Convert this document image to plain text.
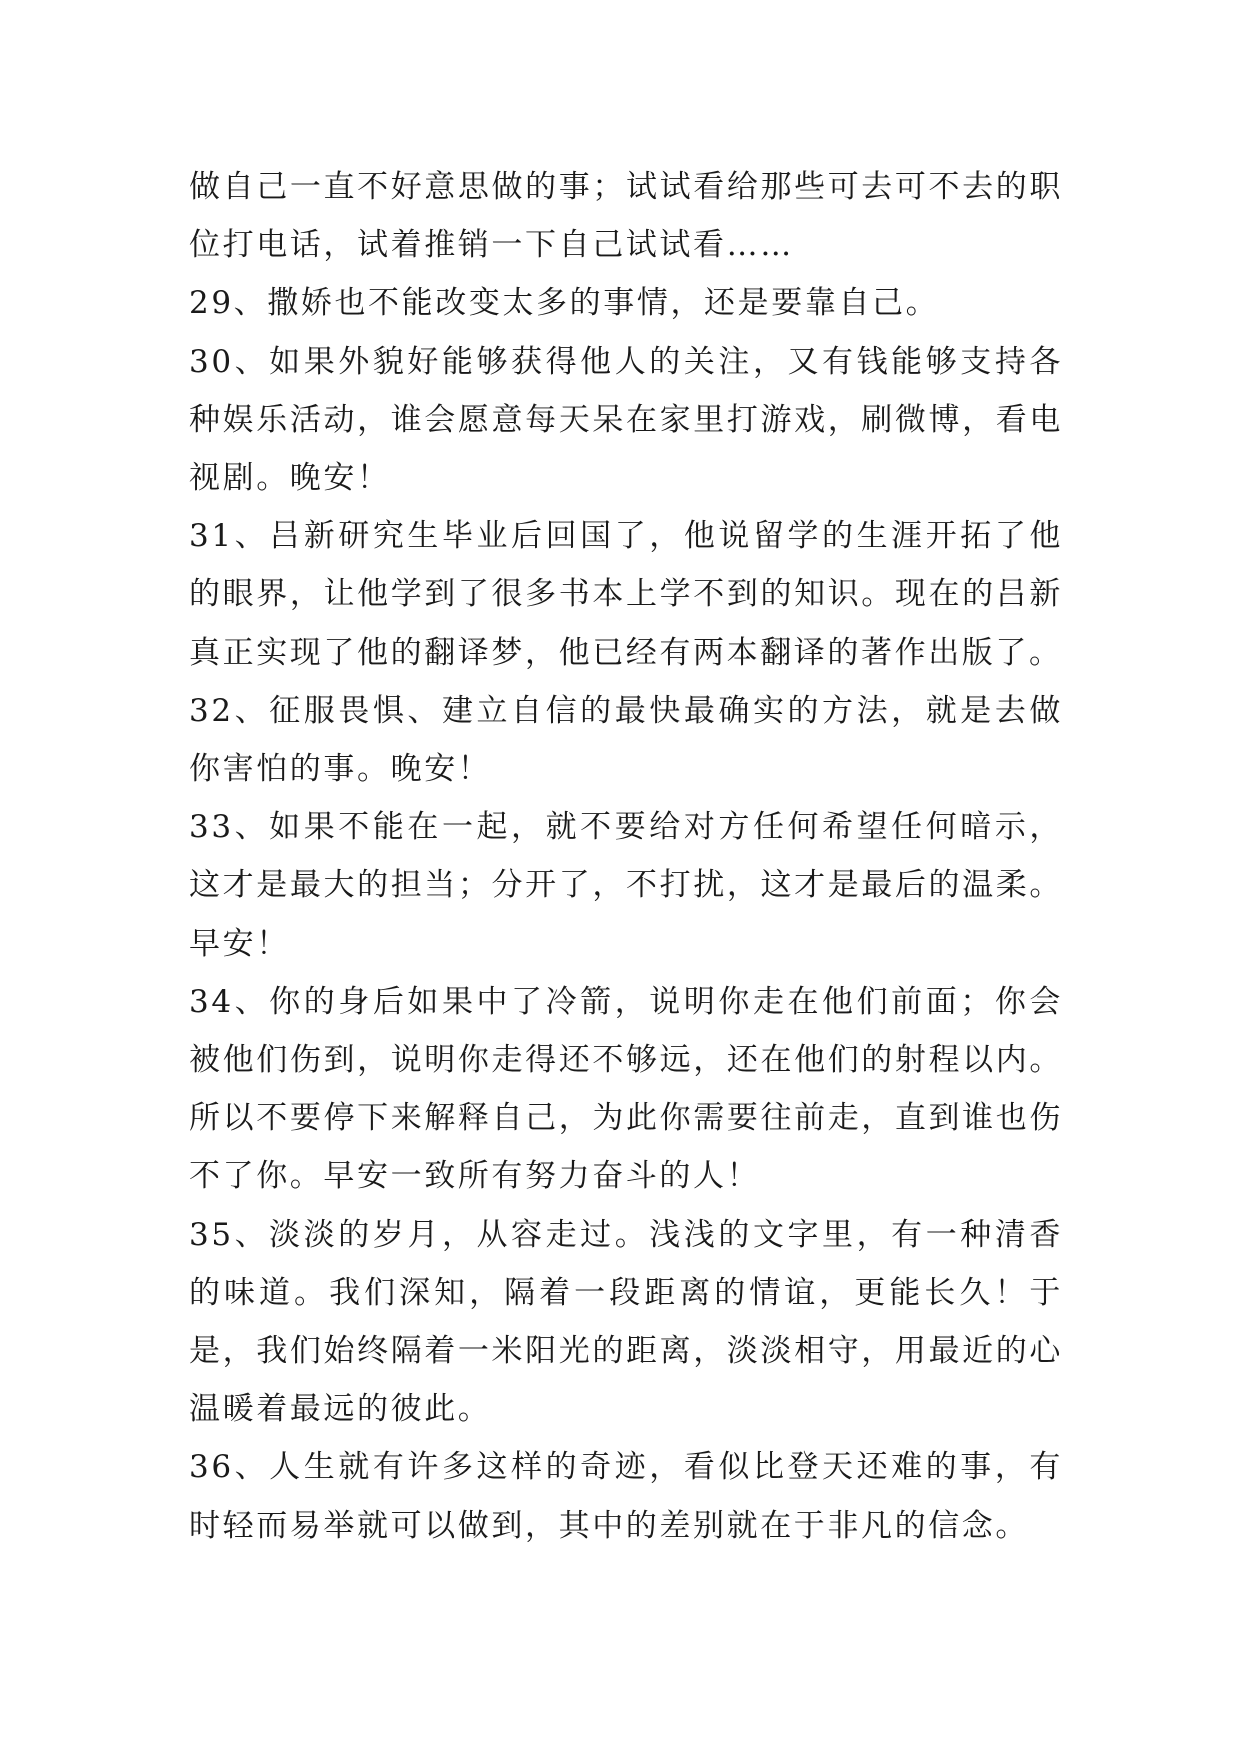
做自己一直不好意思做的事；试试看给那些可去可不去的职位打电话，试着推销一下自己试试看……

29、撒娇也不能改变太多的事情，还是要靠自己。

30、如果外貌好能够获得他人的关注，又有钱能够支持各种娱乐活动，谁会愿意每天呆在家里打游戏，刷微博，看电视剧。晚安！

31、吕新研究生毕业后回国了，他说留学的生涯开拓了他的眼界，让他学到了很多书本上学不到的知识。现在的吕新真正实现了他的翻译梦，他已经有两本翻译的著作出版了。

32、征服畏惧、建立自信的最快最确实的方法，就是去做你害怕的事。晚安！

33、如果不能在一起，就不要给对方任何希望任何暗示，这才是最大的担当；分开了，不打扰，这才是最后的温柔。早安！

34、你的身后如果中了冷箭，说明你走在他们前面；你会被他们伤到，说明你走得还不够远，还在他们的射程以内。所以不要停下来解释自己，为此你需要往前走，直到谁也伤不了你。早安一致所有努力奋斗的人！

35、淡淡的岁月，从容走过。浅浅的文字里，有一种清香的味道。我们深知，隔着一段距离的情谊，更能长久！于是，我们始终隔着一米阳光的距离，淡淡相守，用最近的心温暖着最远的彼此。

36、人生就有许多这样的奇迹，看似比登天还难的事，有时轻而易举就可以做到，其中的差别就在于非凡的信念。
